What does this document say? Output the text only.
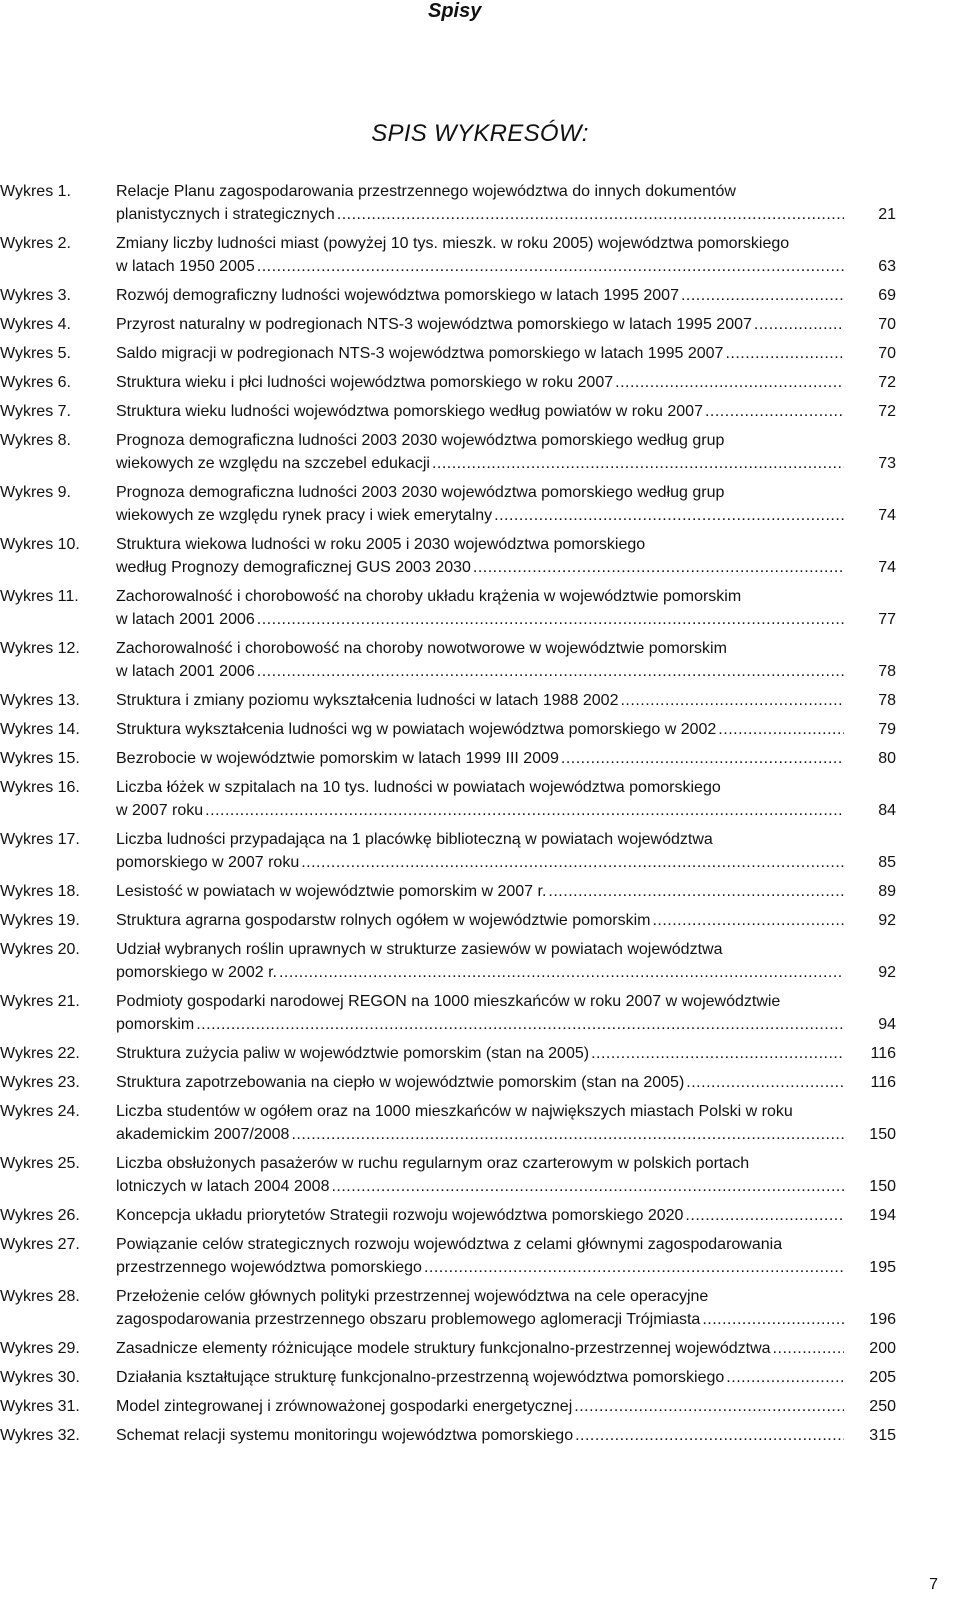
Spisy
SPIS WYKRESÓW:
Wykres 1.	Relacje Planu zagospodarowania przestrzennego województwa do innych dokumentów
planistycznych i strategicznych .....	21
Wykres 2.	Zmiany liczby ludności miast (powyżej 10 tys. mieszk. w roku 2005) województwa pomorskiego
w latach 1950 2005 .....	63
Wykres 3.	Rozwój demograficzny ludności województwa pomorskiego w latach 1995 2007 .....	69
Wykres 4.	Przyrost naturalny w podregionach NTS-3 województwa pomorskiego w latach 1995 2007 .....	70
Wykres 5.	Saldo migracji w podregionach NTS-3 województwa pomorskiego w latach 1995 2007 .....	70
Wykres 6.	Struktura wieku i płci ludności województwa pomorskiego w roku 2007 .....	72
Wykres 7.	Struktura wieku ludności województwa pomorskiego według powiatów w roku 2007 .....	72
Wykres 8.	Prognoza demograficzna ludności 2003 2030 województwa pomorskiego według grup
wiekowych ze względu na szczebel edukacji .....	73
Wykres 9.	Prognoza demograficzna ludności 2003 2030 województwa pomorskiego według grup
wiekowych ze względu rynek pracy i wiek emerytalny .....	74
Wykres 10.	Struktura wiekowa ludności w roku 2005 i 2030 województwa pomorskiego
według Prognozy demograficznej GUS 2003 2030 .....	74
Wykres 11.	Zachorowalność i chorobowość na choroby układu krążenia w województwie pomorskim
w latach 2001 2006 .....	77
Wykres 12.	Zachorowalność i chorobowość na choroby nowotworowe w województwie pomorskim
w latach 2001 2006 .....	78
Wykres 13.	Struktura i zmiany poziomu wykształcenia ludności w latach 1988 2002 .....	78
Wykres 14.	Struktura wykształcenia ludności wg w powiatach województwa pomorskiego w 2002 .....	79
Wykres 15.	Bezrobocie w województwie pomorskim w latach 1999 III 2009 .....	80
Wykres 16.	Liczba łóżek w szpitalach na 10 tys. ludności w powiatach województwa pomorskiego
w 2007 roku .....	84
Wykres 17.	Liczba ludności przypadająca na 1 placówkę biblioteczną w powiatach województwa
pomorskiego w 2007 roku .....	85
Wykres 18.	Lesistość w powiatach w województwie pomorskim w 2007 r. .....	89
Wykres 19.	Struktura agrarna gospodarstw rolnych ogółem w województwie pomorskim .....	92
Wykres 20.	Udział wybranych roślin uprawnych w strukturze zasiewów w powiatach województwa
pomorskiego w 2002 r. .....	92
Wykres 21.	Podmioty gospodarki narodowej REGON na 1000 mieszkańców w roku 2007 w województwie
pomorskim .....	94
Wykres 22.	Struktura zużycia paliw w województwie pomorskim (stan na 2005) .....	116
Wykres 23.	Struktura zapotrzebowania na ciepło w województwie pomorskim (stan na 2005) .....	116
Wykres 24.	Liczba studentów w ogółem oraz na 1000 mieszkańców w największych miastach Polski w roku
akademickim 2007/2008 .....	150
Wykres 25.	Liczba obsłużonych pasażerów w ruchu regularnym oraz czarterowym w polskich portach
lotniczych w latach 2004 2008 .....	150
Wykres 26.	Koncepcja układu priorytetów Strategii rozwoju województwa pomorskiego 2020 .....	194
Wykres 27.	Powiązanie celów strategicznych rozwoju województwa z celami głównymi zagospodarowania
przestrzennego województwa pomorskiego .....	195
Wykres 28.	Przełożenie celów głównych polityki przestrzennej województwa na cele operacyjne
zagospodarowania przestrzennego obszaru problemowego aglomeracji Trójmiasta .....	196
Wykres 29.	Zasadnicze elementy różnicujące modele struktury funkcjonalno-przestrzennej województwa .....	200
Wykres 30.	Działania kształtujące strukturę funkcjonalno-przestrzenną województwa pomorskiego .....	205
Wykres 31.	Model zintegrowanej i zrównoważonej gospodarki energetycznej .....	250
Wykres 32.	Schemat relacji systemu monitoringu województwa pomorskiego .....	315
7
